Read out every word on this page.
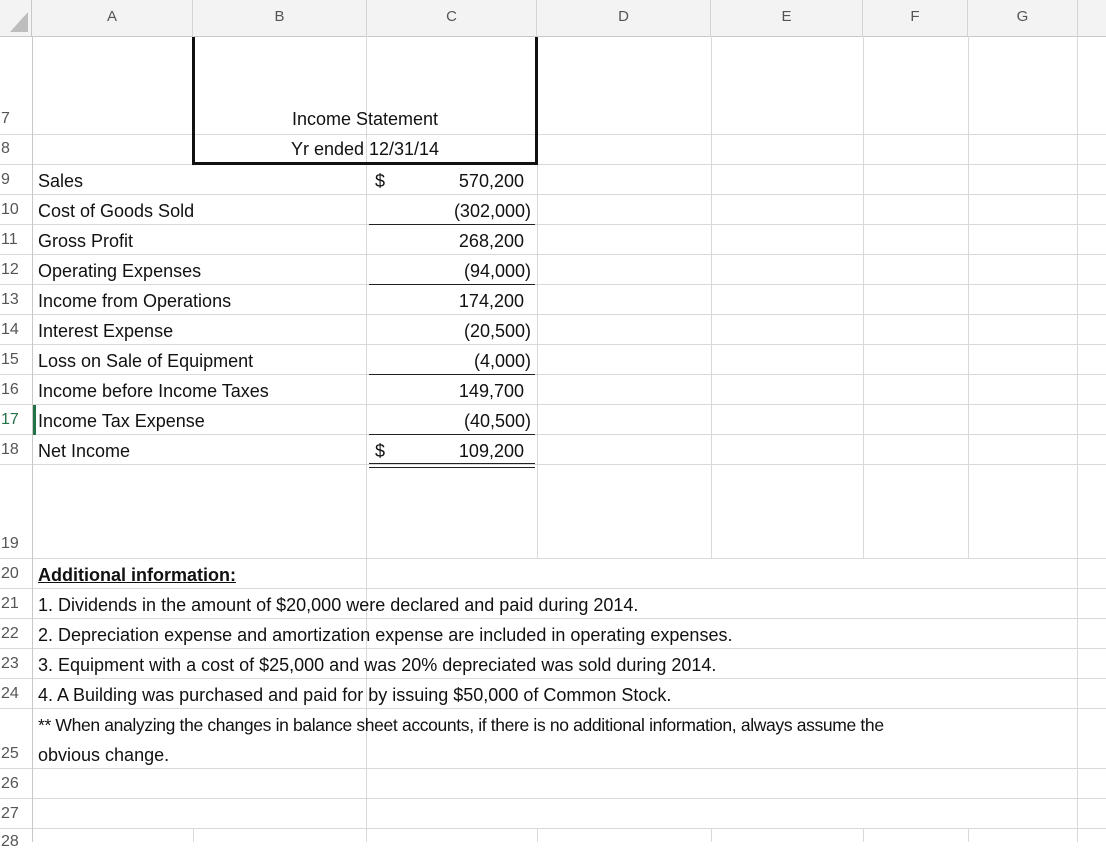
A	B	C	D	E	F	G
7
8
9
10
11
12
13
14
15
16
17
18
19
20
21
22
23
24
25
26
27
28
Income Statement
Yr ended 12/31/14
Sales	$	570,200
Cost of Goods Sold	(302,000)
Gross Profit	268,200
Operating Expenses	(94,000)
Income from Operations	174,200
Interest Expense	(20,500)
Loss on Sale of Equipment	(4,000)
Income before Income Taxes	149,700
Income Tax Expense	(40,500)
Net Income	$	109,200
Additional information:
1. Dividends in the amount of $20,000 were declared and paid during 2014.
2. Depreciation expense and amortization expense are included in operating expenses.
3. Equipment with a cost of $25,000 and was 20% depreciated was sold during 2014.
4. A Building was purchased and paid for by issuing $50,000 of Common Stock.
** When analyzing the changes in balance sheet accounts, if there is no additional information, always assume the
obvious change.
